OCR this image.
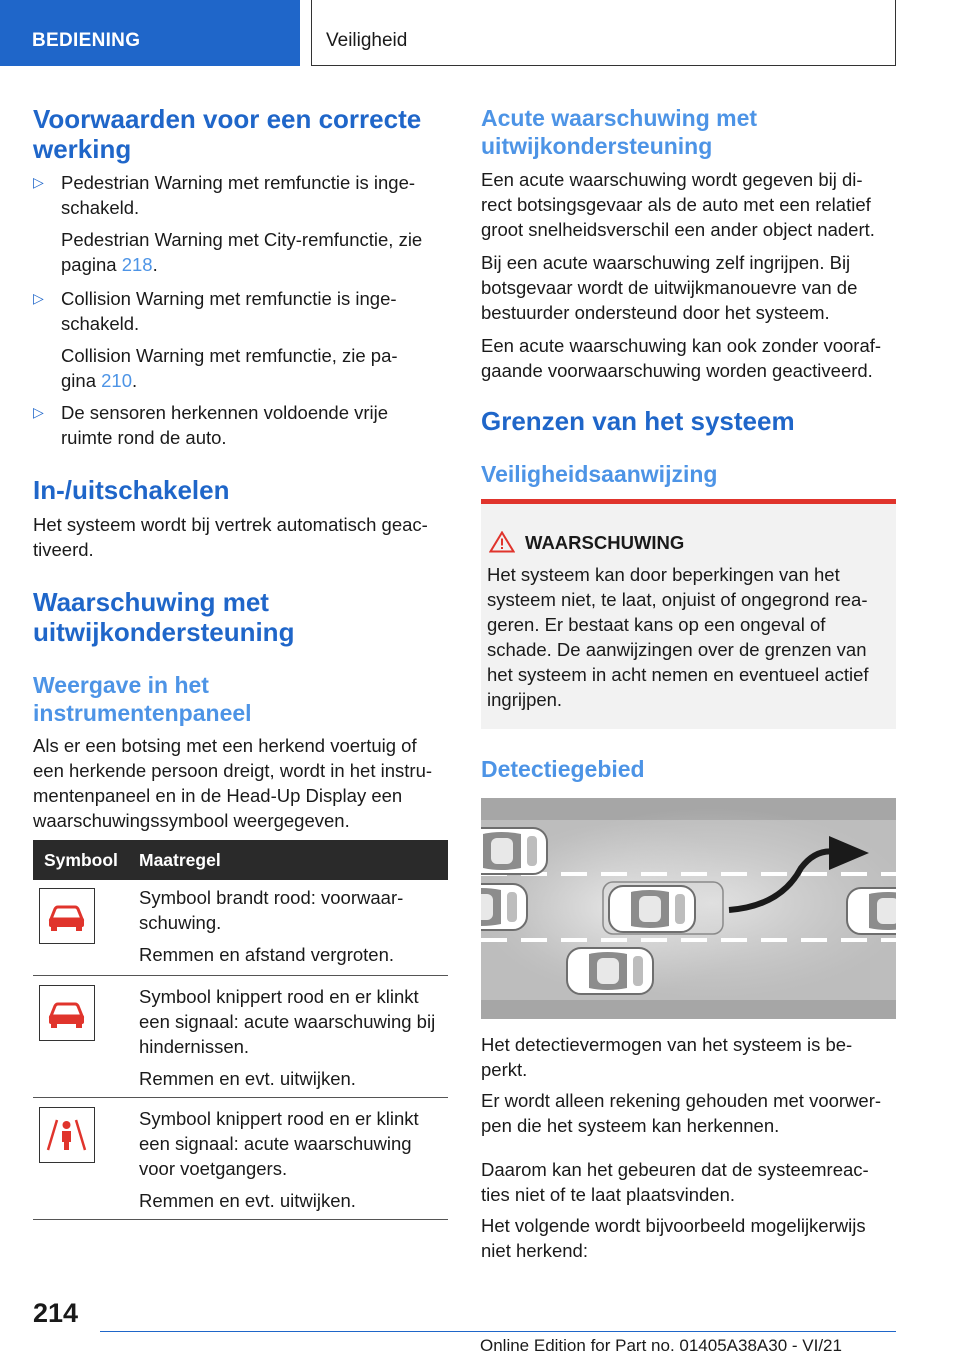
BEDIENING	Veiligheid
Voorwaarden voor een correcte
werking
▷ Pedestrian Warning met remfunctie is inge-
schakeld.
Pedestrian Warning met City-remfunctie, zie
pagina 218.
▷ Collision Warning met remfunctie is inge-
schakeld.
Collision Warning met remfunctie, zie pa-
gina 210.
▷ De sensoren herkennen voldoende vrije
ruimte rond de auto.
In-/uitschakelen
Het systeem wordt bij vertrek automatisch geac-
tiveerd.
Waarschuwing met
uitwijkondersteuning
Weergave in het
instrumentenpaneel
Als er een botsing met een herkend voertuig of
een herkende persoon dreigt, wordt in het instru-
mentenpaneel en in de Head-Up Display een
waarschuwingssymbool weergegeven.
Symbool Maatregel
Symbool brandt rood: voorwaar-
schuwing.
Remmen en afstand vergroten.
Symbool knippert rood en er klinkt
een signaal: acute waarschuwing bij
hindernissen.
Remmen en evt. uitwijken.
Symbool knippert rood en er klinkt
een signaal: acute waarschuwing
voor voetgangers.
Remmen en evt. uitwijken.
Acute waarschuwing met
uitwijkondersteuning
Een acute waarschuwing wordt gegeven bij di-
rect botsingsgevaar als de auto met een relatief
groot snelheidsverschil een ander object nadert.
Bij een acute waarschuwing zelf ingrijpen. Bij
botsgevaar wordt de uitwijkmanouevre van de
bestuurder ondersteund door het systeem.
Een acute waarschuwing kan ook zonder vooraf-
gaande voorwaarschuwing worden geactiveerd.
Grenzen van het systeem
Veiligheidsaanwijzing
WAARSCHUWING
Het systeem kan door beperkingen van het
systeem niet, te laat, onjuist of ongegrond rea-
geren. Er bestaat kans op een ongeval of
schade. De aanwijzingen over de grenzen van
het systeem in acht nemen en eventueel actief
ingrijpen.
Detectiegebied
Het detectievermogen van het systeem is be-
perkt.
Er wordt alleen rekening gehouden met voorwer-
pen die het systeem kan herkennen.
Daarom kan het gebeuren dat de systeemreac-
ties niet of te laat plaatsvinden.
Het volgende wordt bijvoorbeeld mogelijkerwijs
niet herkend:
214
Online Edition for Part no. 01405A38A30 - VI/21
